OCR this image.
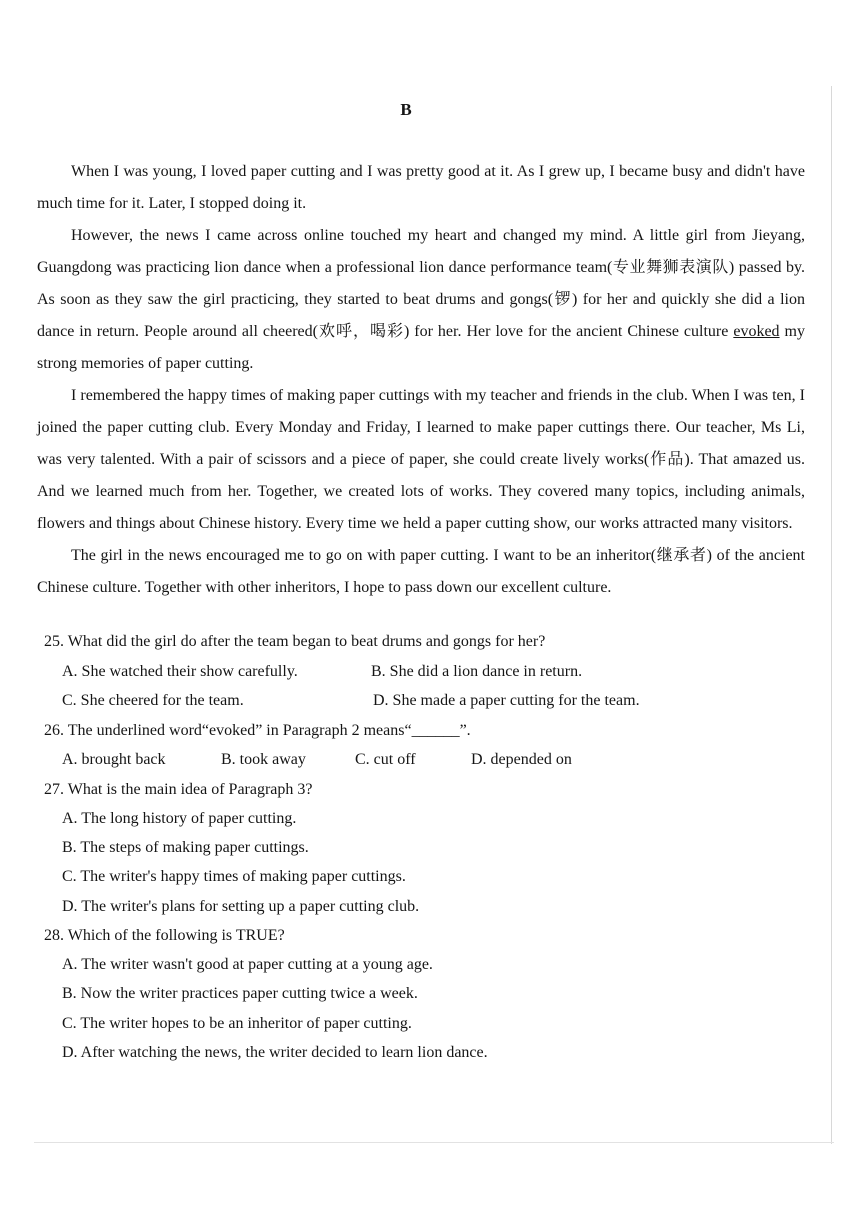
B

When I was young, I loved paper cutting and I was pretty good at it. As I grew up, I became busy and didn't have much time for it. Later, I stopped doing it.

However, the news I came across online touched my heart and changed my mind. A little girl from Jieyang, Guangdong was practicing lion dance when a professional lion dance performance team(专业舞狮表演队) passed by. As soon as they saw the girl practicing, they started to beat drums and gongs(锣) for her and quickly she did a lion dance in return. People around all cheered(欢呼，喝彩) for her. Her love for the ancient Chinese culture evoked my strong memories of paper cutting.

I remembered the happy times of making paper cuttings with my teacher and friends in the club. When I was ten, I joined the paper cutting club. Every Monday and Friday, I learned to make paper cuttings there. Our teacher, Ms Li, was very talented. With a pair of scissors and a piece of paper, she could create lively works(作品). That amazed us. And we learned much from her. Together, we created lots of works. They covered many topics, including animals, flowers and things about Chinese history. Every time we held a paper cutting show, our works attracted many visitors.

The girl in the news encouraged me to go on with paper cutting. I want to be an inheritor(继承者) of the ancient Chinese culture. Together with other inheritors, I hope to pass down our excellent culture.

25. What did the girl do after the team began to beat drums and gongs for her?
A. She watched their show carefully.	B. She did a lion dance in return.
C. She cheered for the team.	D. She made a paper cutting for the team.
26. The underlined word“evoked” in Paragraph 2 means“______”.
A. brought back	B. took away	C. cut off	D. depended on
27. What is the main idea of Paragraph 3?
A. The long history of paper cutting.
B. The steps of making paper cuttings.
C. The writer's happy times of making paper cuttings.
D. The writer's plans for setting up a paper cutting club.
28. Which of the following is TRUE?
A. The writer wasn't good at paper cutting at a young age.
B. Now the writer practices paper cutting twice a week.
C. The writer hopes to be an inheritor of paper cutting.
D. After watching the news, the writer decided to learn lion dance.
